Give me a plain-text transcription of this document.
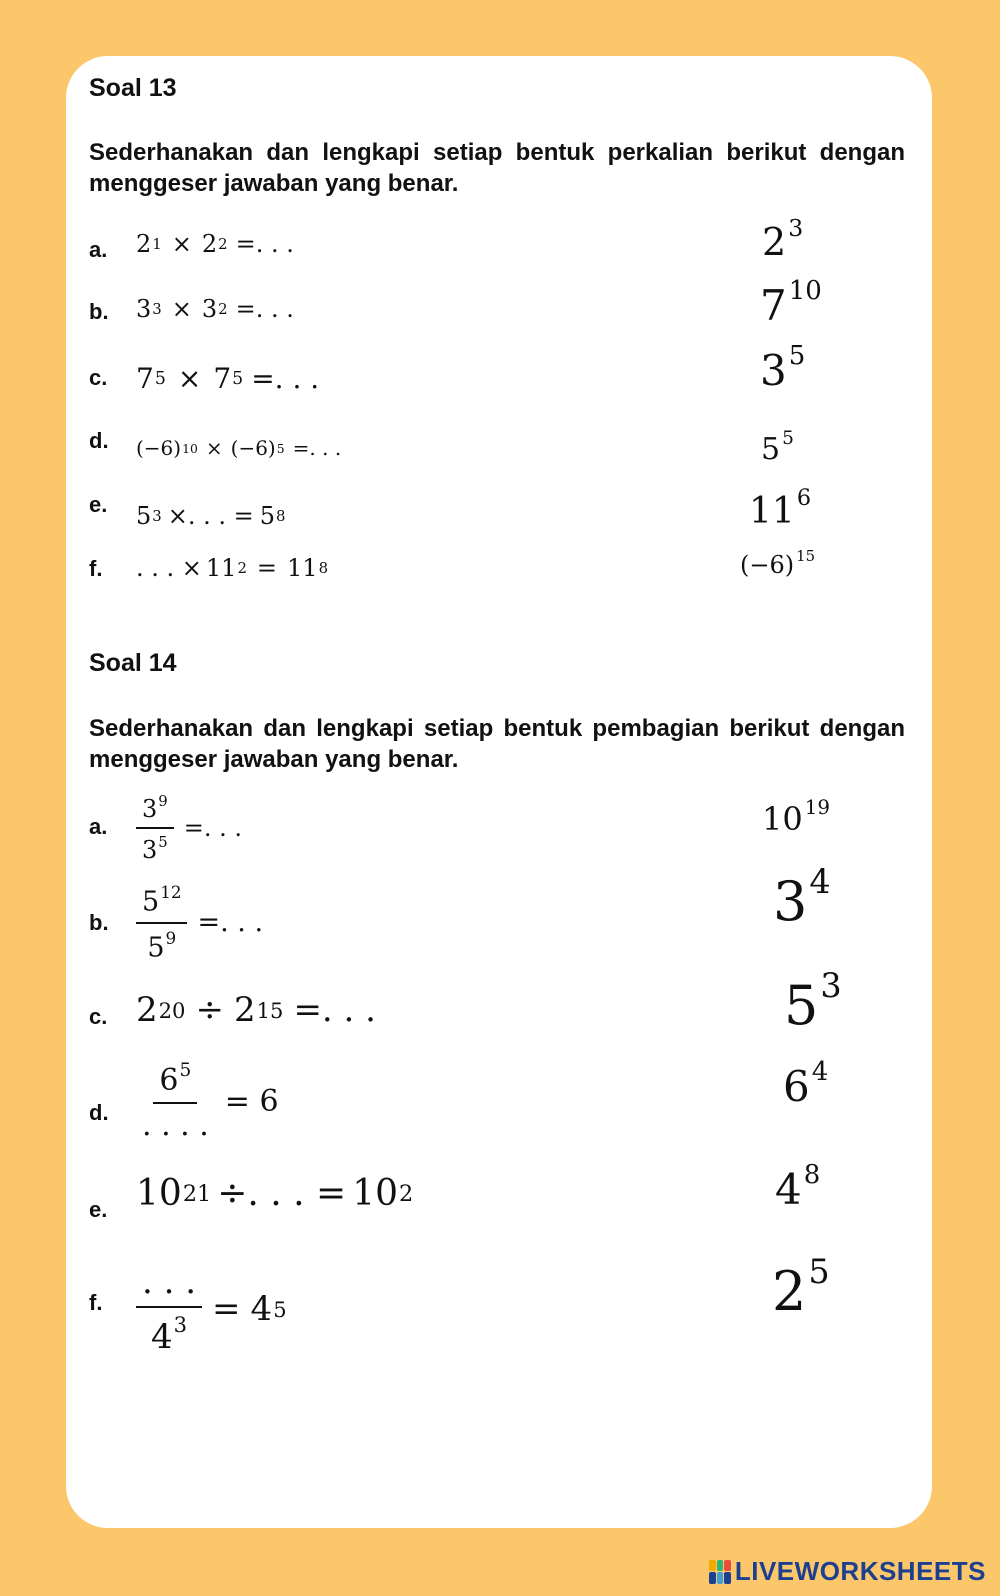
Soal 13

Sederhanakan dan lengkapi setiap bentuk perkalian berikut dengan menggeser jawaban yang benar.

a. 2 1 × 2 2 =. . .
b. 3 3 × 3 2 =. . .
c. 7 5 × 7 5 =. . .
d. (−6) 10 × (−6) 5 =. . .
e. 5 3 ×. . . = 5 8
f. . . . × 11 2 = 11 8
$2^3$
$7^{10}$
$3^5$
5 $^5$
$11^6$
(−6) $^{15}$
Soal 14

Sederhanakan dan lengkapi setiap bentuk pembagian berikut dengan menggeser jawaban yang benar.

a. $\frac{3^9}{3^5}$ =. . .
b. $\frac{5^{12}}{5^9}$ =. . .
c. 2 20 ÷ 2 15 =. . .
d. $\frac{6^5}{. . . .} = 6$
e. 10 21 ÷. . . = 10 2
f. $\frac{. . .}{4^3} = 4$ 5
10 $^{19}$
$3^4$
$5^3$
$6^4$
$4^8$
$2^5$
LIVEWORKSHEETS
